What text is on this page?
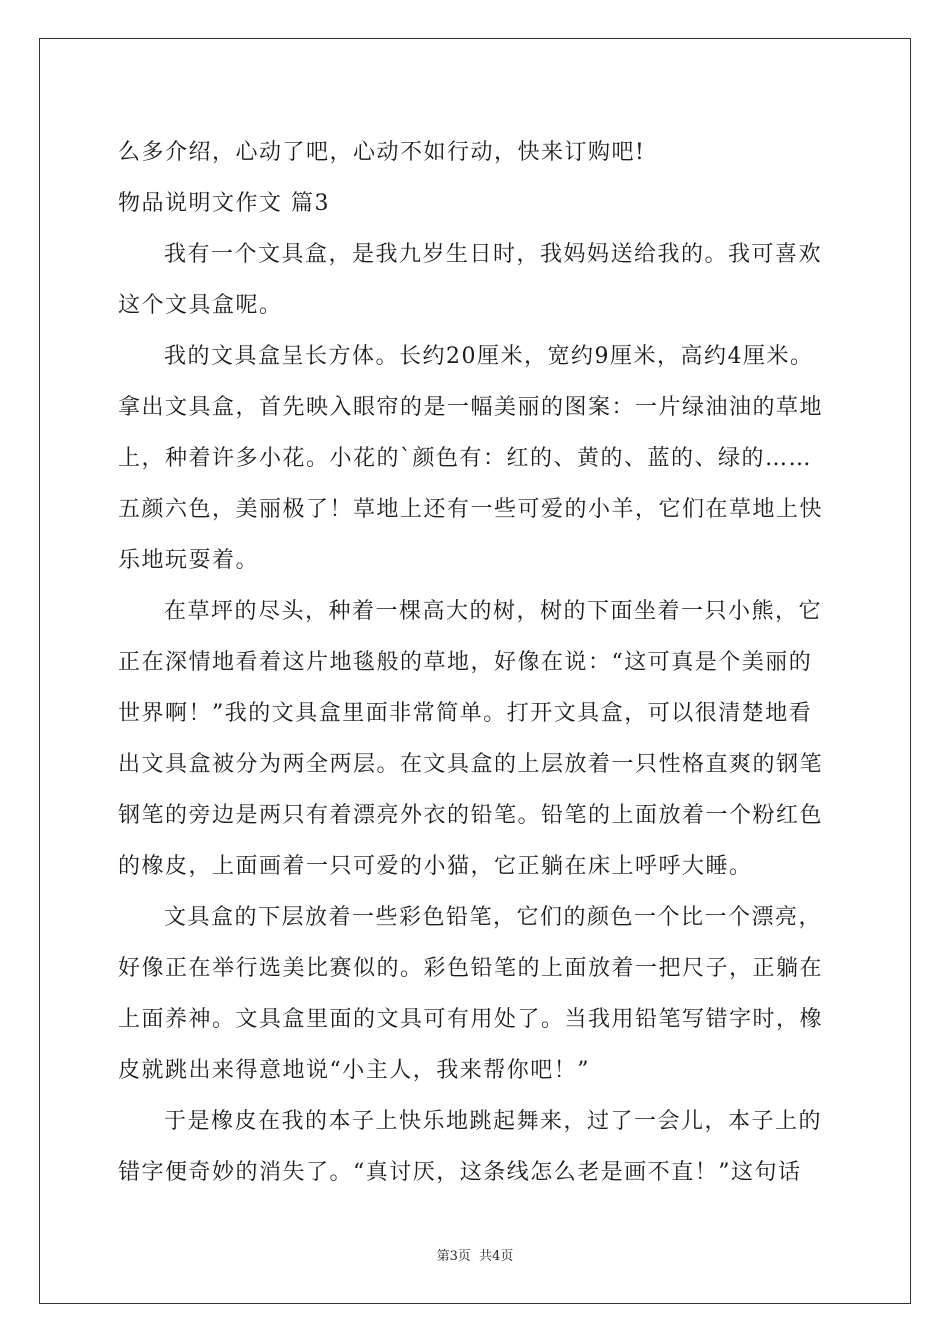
么多介绍，心动了吧，心动不如行动，快来订购吧!
物品说明文作文 篇3
我有一个文具盒，是我九岁生日时，我妈妈送给我的。我可喜欢
这个文具盒呢。
我的文具盒呈长方体。长约20厘米，宽约9厘米，高约4厘米。
拿出文具盒，首先映入眼帘的是一幅美丽的图案：一片绿油油的草地
上，种着许多小花。小花的`颜色有：红的、黄的、蓝的、绿的……
五颜六色，美丽极了！草地上还有一些可爱的小羊，它们在草地上快
乐地玩耍着。
在草坪的尽头，种着一棵高大的树，树的下面坐着一只小熊，它
正在深情地看着这片地毯般的草地，好像在说：“这可真是个美丽的
世界啊！”我的文具盒里面非常简单。打开文具盒，可以很清楚地看
出文具盒被分为两全两层。在文具盒的上层放着一只性格直爽的钢笔
钢笔的旁边是两只有着漂亮外衣的铅笔。铅笔的上面放着一个粉红色
的橡皮，上面画着一只可爱的小猫，它正躺在床上呼呼大睡。
文具盒的下层放着一些彩色铅笔，它们的颜色一个比一个漂亮，
好像正在举行选美比赛似的。彩色铅笔的上面放着一把尺子，正躺在
上面养神。文具盒里面的文具可有用处了。当我用铅笔写错字时，橡
皮就跳出来得意地说“小主人，我来帮你吧！”
于是橡皮在我的本子上快乐地跳起舞来，过了一会儿，本子上的
错字便奇妙的消失了。“真讨厌，这条线怎么老是画不直！”这句话
第3页 共4页
